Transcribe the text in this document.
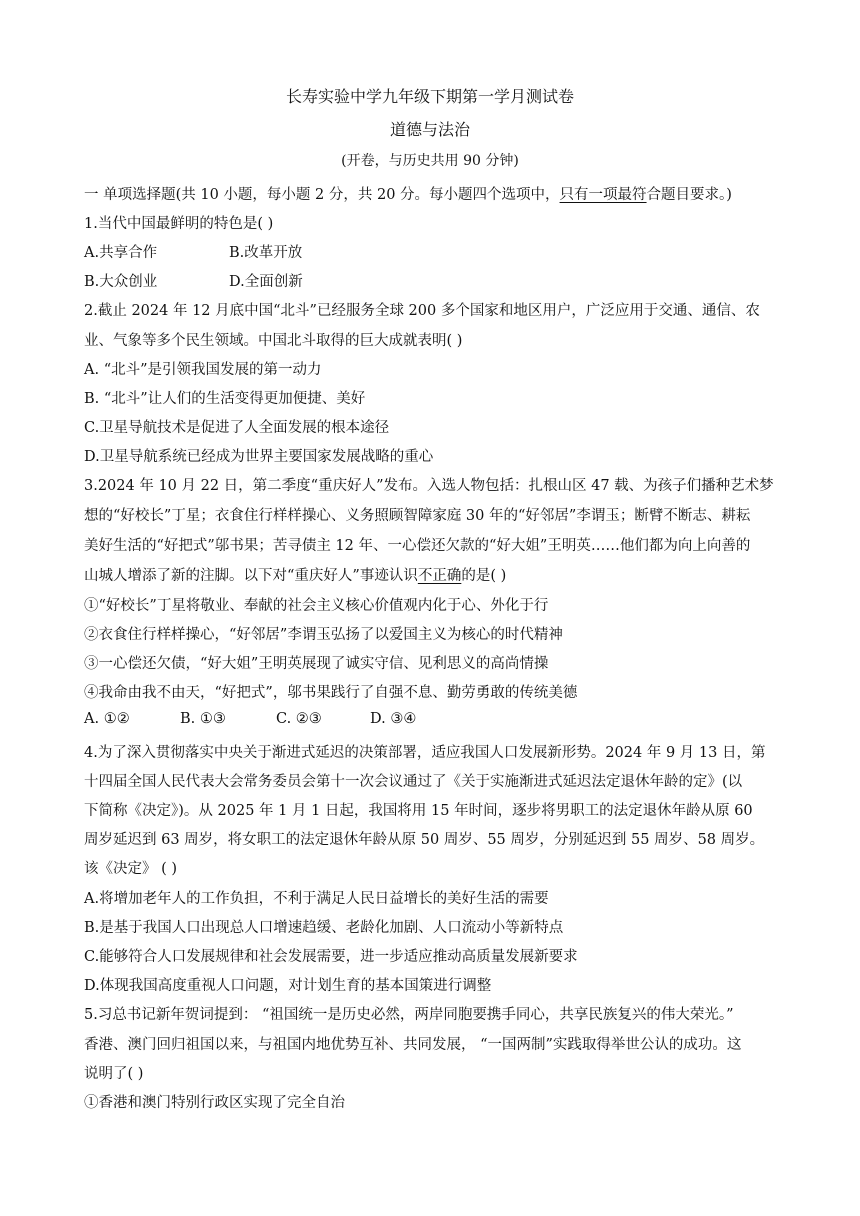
长寿实验中学九年级下期第一学月测试卷
道德与法治
(开卷，与历史共用 90 分钟)
一 单项选择题(共 10 小题，每小题 2 分，共 20 分。每小题四个选项中，只有一项最符合题目要求。)
1.当代中国最鲜明的特色是( )
A.共享合作	B.改革开放
B.大众创业	D.全面创新
2.截止 2024 年 12 月底中国“北斗”已经服务全球 200 多个国家和地区用户，广泛应用于交通、通信、农
业、气象等多个民生领域。中国北斗取得的巨大成就表明( )
A. “北斗”是引领我国发展的第一动力
B. “北斗”让人们的生活变得更加便捷、美好
C.卫星导航技术是促进了人全面发展的根本途径
D.卫星导航系统已经成为世界主要国家发展战略的重心
3.2024 年 10 月 22 日，第二季度“重庆好人”发布。入选人物包括：扎根山区 47 载、为孩子们播种艺术梦
想的“好校长”丁星；衣食住行样样操心、义务照顾智障家庭 30 年的“好邻居”李谓玉；断臂不断志、耕耘
美好生活的“好把式”邬书果；苦寻债主 12 年、一心偿还欠款的“好大姐”王明英……他们都为向上向善的
山城人增添了新的注脚。以下对“重庆好人”事迹认识不正确的是( )
①“好校长”丁星将敬业、奉献的社会主义核心价值观内化于心、外化于行
②衣食住行样样操心，“好邻居”李谓玉弘扬了以爱国主义为核心的时代精神
③一心偿还欠债，“好大姐”王明英展现了诚实守信、见利思义的高尚情操
④我命由我不由天，“好把式”，邬书果践行了自强不息、勤劳勇敢的传统美德
A. ①②	B. ①③	C. ②③	D. ③④
4.为了深入贯彻落实中央关于渐进式延迟的决策部署，适应我国人口发展新形势。2024 年 9 月 13 日，第
十四届全国人民代表大会常务委员会第十一次会议通过了《关于实施渐进式延迟法定退休年龄的定》(以
下简称《决定》)。从 2025 年 1 月 1 日起，我国将用 15 年时间，逐步将男职工的法定退休年龄从原 60
周岁延迟到 63 周岁，将女职工的法定退休年龄从原 50 周岁、55 周岁，分别延迟到 55 周岁、58 周岁。
该《决定》 ( )
A.将增加老年人的工作负担，不利于满足人民日益增长的美好生活的需要
B.是基于我国人口出现总人口增速趋缓、老龄化加剧、人口流动小等新特点
C.能够符合人口发展规律和社会发展需要，进一步适应推动高质量发展新要求
D.体现我国高度重视人口问题，对计划生育的基本国策进行调整
5.习总书记新年贺词提到： “祖国统一是历史必然，两岸同胞要携手同心，共享民族复兴的伟大荣光。”
香港、澳门回归祖国以来，与祖国内地优势互补、共同发展， “一国两制”实践取得举世公认的成功。这
说明了( )
①香港和澳门特别行政区实现了完全自治
